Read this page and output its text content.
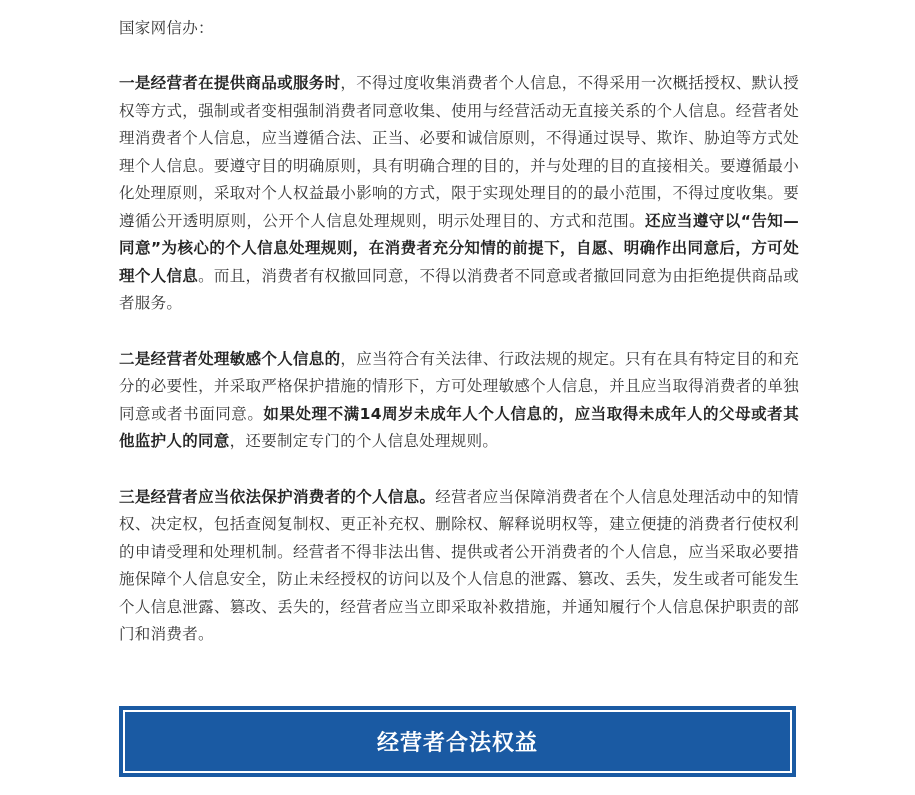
国家网信办：

一是经营者在提供商品或服务时，不得过度收集消费者个人信息，不得采用一次概括授权、默认授权等方式，强制或者变相强制消费者同意收集、使用与经营活动无直接关系的个人信息。经营者处理消费者个人信息，应当遵循合法、正当、必要和诚信原则，不得通过误导、欺诈、胁迫等方式处理个人信息。要遵守目的明确原则，具有明确合理的目的，并与处理的目的直接相关。要遵循最小化处理原则，采取对个人权益最小影响的方式，限于实现处理目的的最小范围，不得过度收集。要遵循公开透明原则，公开个人信息处理规则，明示处理目的、方式和范围。还应当遵守以“告知—同意”为核心的个人信息处理规则，在消费者充分知情的前提下，自愿、明确作出同意后，方可处理个人信息。而且，消费者有权撤回同意，不得以消费者不同意或者撤回同意为由拒绝提供商品或者服务。

二是经营者处理敏感个人信息的，应当符合有关法律、行政法规的规定。只有在具有特定目的和充分的必要性，并采取严格保护措施的情形下，方可处理敏感个人信息，并且应当取得消费者的单独同意或者书面同意。如果处理不满14周岁未成年人个人信息的，应当取得未成年人的父母或者其他监护人的同意，还要制定专门的个人信息处理规则。

三是经营者应当依法保护消费者的个人信息。经营者应当保障消费者在个人信息处理活动中的知情权、决定权，包括查阅复制权、更正补充权、删除权、解释说明权等，建立便捷的消费者行使权利的申请受理和处理机制。经营者不得非法出售、提供或者公开消费者的个人信息，应当采取必要措施保障个人信息安全，防止未经授权的访问以及个人信息的泄露、篡改、丢失，发生或者可能发生个人信息泄露、篡改、丢失的，经营者应当立即采取补救措施，并通知履行个人信息保护职责的部门和消费者。

经营者合法权益
